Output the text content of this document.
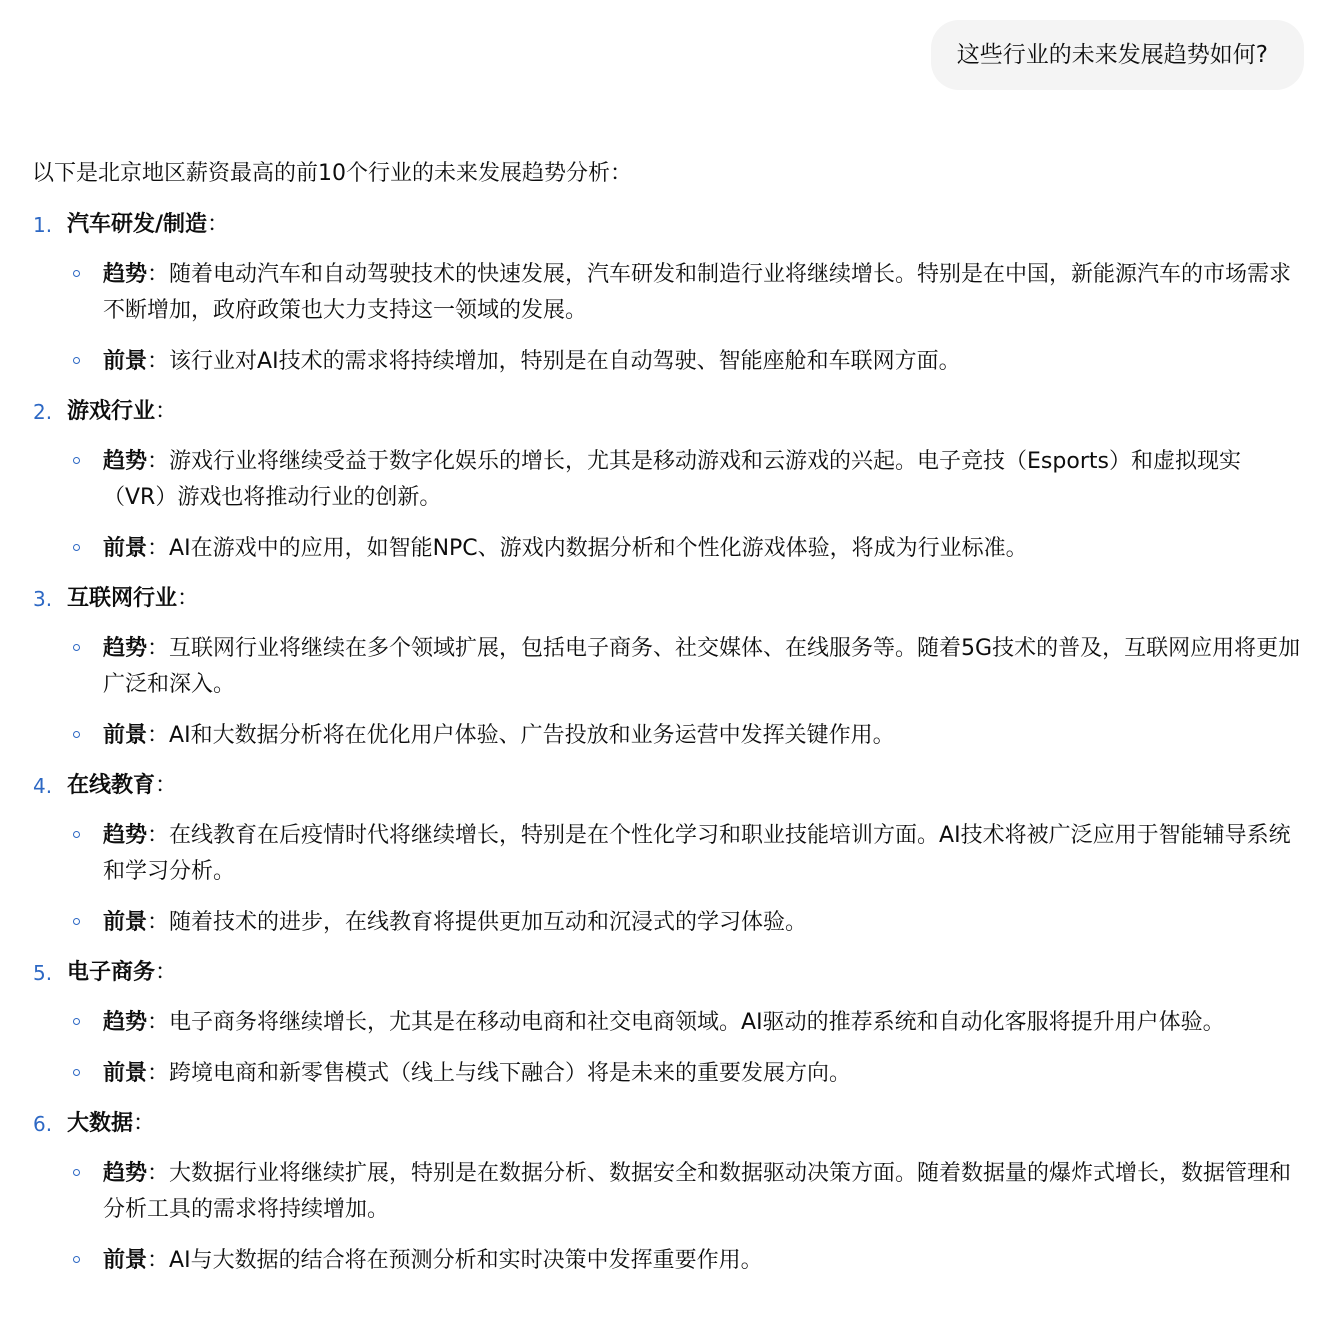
这些行业的未来发展趋势如何?

以下是北京地区薪资最高的前10个行业的未来发展趋势分析：

1. 汽车研发/制造：
趋势：随着电动汽车和自动驾驶技术的快速发展，汽车研发和制造行业将继续增长。特别是在中国，新能源汽车的市场需求不断增加，政府政策也大力支持这一领域的发展。
前景：该行业对AI技术的需求将持续增加，特别是在自动驾驶、智能座舱和车联网方面。
2. 游戏行业：
趋势：游戏行业将继续受益于数字化娱乐的增长，尤其是移动游戏和云游戏的兴起。电子竞技（Esports）和虚拟现实（VR）游戏也将推动行业的创新。
前景：AI在游戏中的应用，如智能NPC、游戏内数据分析和个性化游戏体验，将成为行业标准。
3. 互联网行业：
趋势：互联网行业将继续在多个领域扩展，包括电子商务、社交媒体、在线服务等。随着5G技术的普及，互联网应用将更加广泛和深入。
前景：AI和大数据分析将在优化用户体验、广告投放和业务运营中发挥关键作用。
4. 在线教育：
趋势：在线教育在后疫情时代将继续增长，特别是在个性化学习和职业技能培训方面。AI技术将被广泛应用于智能辅导系统和学习分析。
前景：随着技术的进步，在线教育将提供更加互动和沉浸式的学习体验。
5. 电子商务：
趋势：电子商务将继续增长，尤其是在移动电商和社交电商领域。AI驱动的推荐系统和自动化客服将提升用户体验。
前景：跨境电商和新零售模式（线上与线下融合）将是未来的重要发展方向。
6. 大数据：
趋势：大数据行业将继续扩展，特别是在数据分析、数据安全和数据驱动决策方面。随着数据量的爆炸式增长，数据管理和分析工具的需求将持续增加。
前景：AI与大数据的结合将在预测分析和实时决策中发挥重要作用。
